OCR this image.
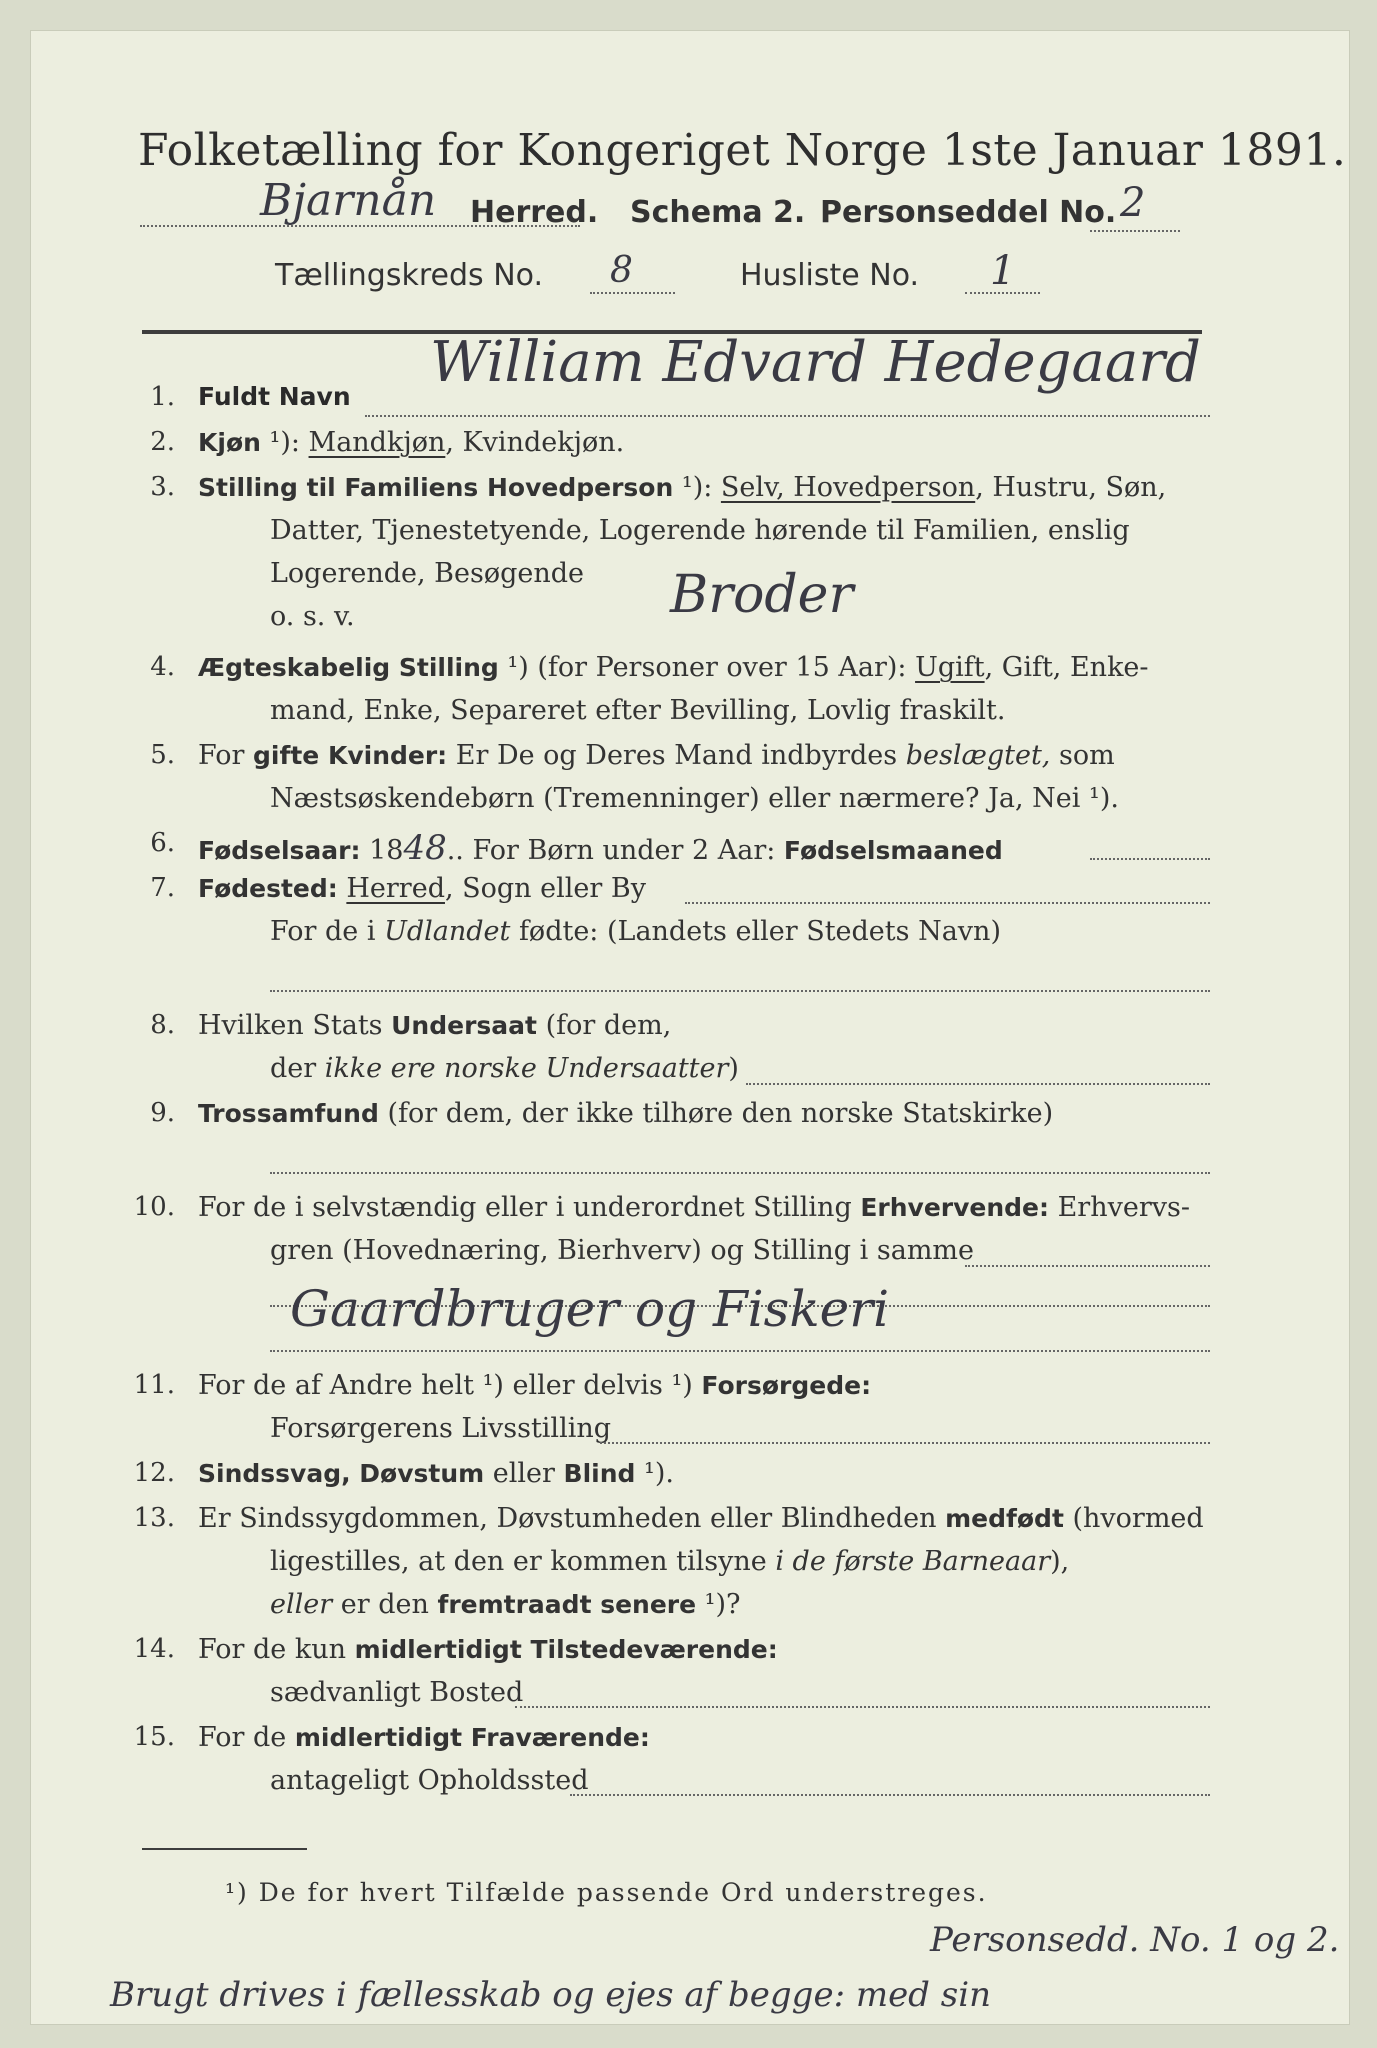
Folketælling for Kongeriget Norge 1ste Januar 1891.
Bjarnån Herred. Schema 2. Personseddel No. 2
Tællingskreds No. 8	Husliste No. 1
1. Fuldt Navn
William Edvard Hedegaard
2. Kjøn ¹): Mandkjøn, Kvindekjøn.
3. Stilling til Familiens Hovedperson ¹): Selv, Hovedperson, Hustru, Søn,
Datter, Tjenestetyende, Logerende hørende til Familien, enslig
Logerende, Besøgende
o. s. v.	Broder
4. Ægteskabelig Stilling ¹) (for Personer over 15 Aar): Ugift, Gift, Enke-
mand, Enke, Separeret efter Bevilling, Lovlig fraskilt.
5. For gifte Kvinder: Er De og Deres Mand indbyrdes beslægtet, som
Næstsøskendebørn (Tremenninger) eller nærmere? Ja, Nei ¹).
6. Fødselsaar: 1848.. For Børn under 2 Aar: Fødselsmaaned
7. Fødested: Herred, Sogn eller By
For de i Udlandet fødte: (Landets eller Stedets Navn)
8. Hvilken Stats Undersaat (for dem,
der ikke ere norske Undersaatter)
9. Trossamfund (for dem, der ikke tilhøre den norske Statskirke)
10. For de i selvstændig eller i underordnet Stilling Erhvervende: Erhvervs-
gren (Hovednæring, Bierhverv) og Stilling i samme
Gaardbruger og Fiskeri
11. For de af Andre helt ¹) eller delvis ¹) Forsørgede:
Forsørgerens Livsstilling
12. Sindssvag, Døvstum eller Blind ¹).
13. Er Sindssygdommen, Døvstumheden eller Blindheden medfødt (hvormed
ligestilles, at den er kommen tilsyne i de første Barneaar),
eller er den fremtraadt senere ¹)?
14. For de kun midlertidigt Tilstedeværende:
sædvanligt Bosted
15. For de midlertidigt Fraværende:
antageligt Opholdssted
¹) De for hvert Tilfælde passende Ord understreges.
Personsedd. No. 1 og 2.
Brugt drives i fællesskab og ejes af begge: med sin
